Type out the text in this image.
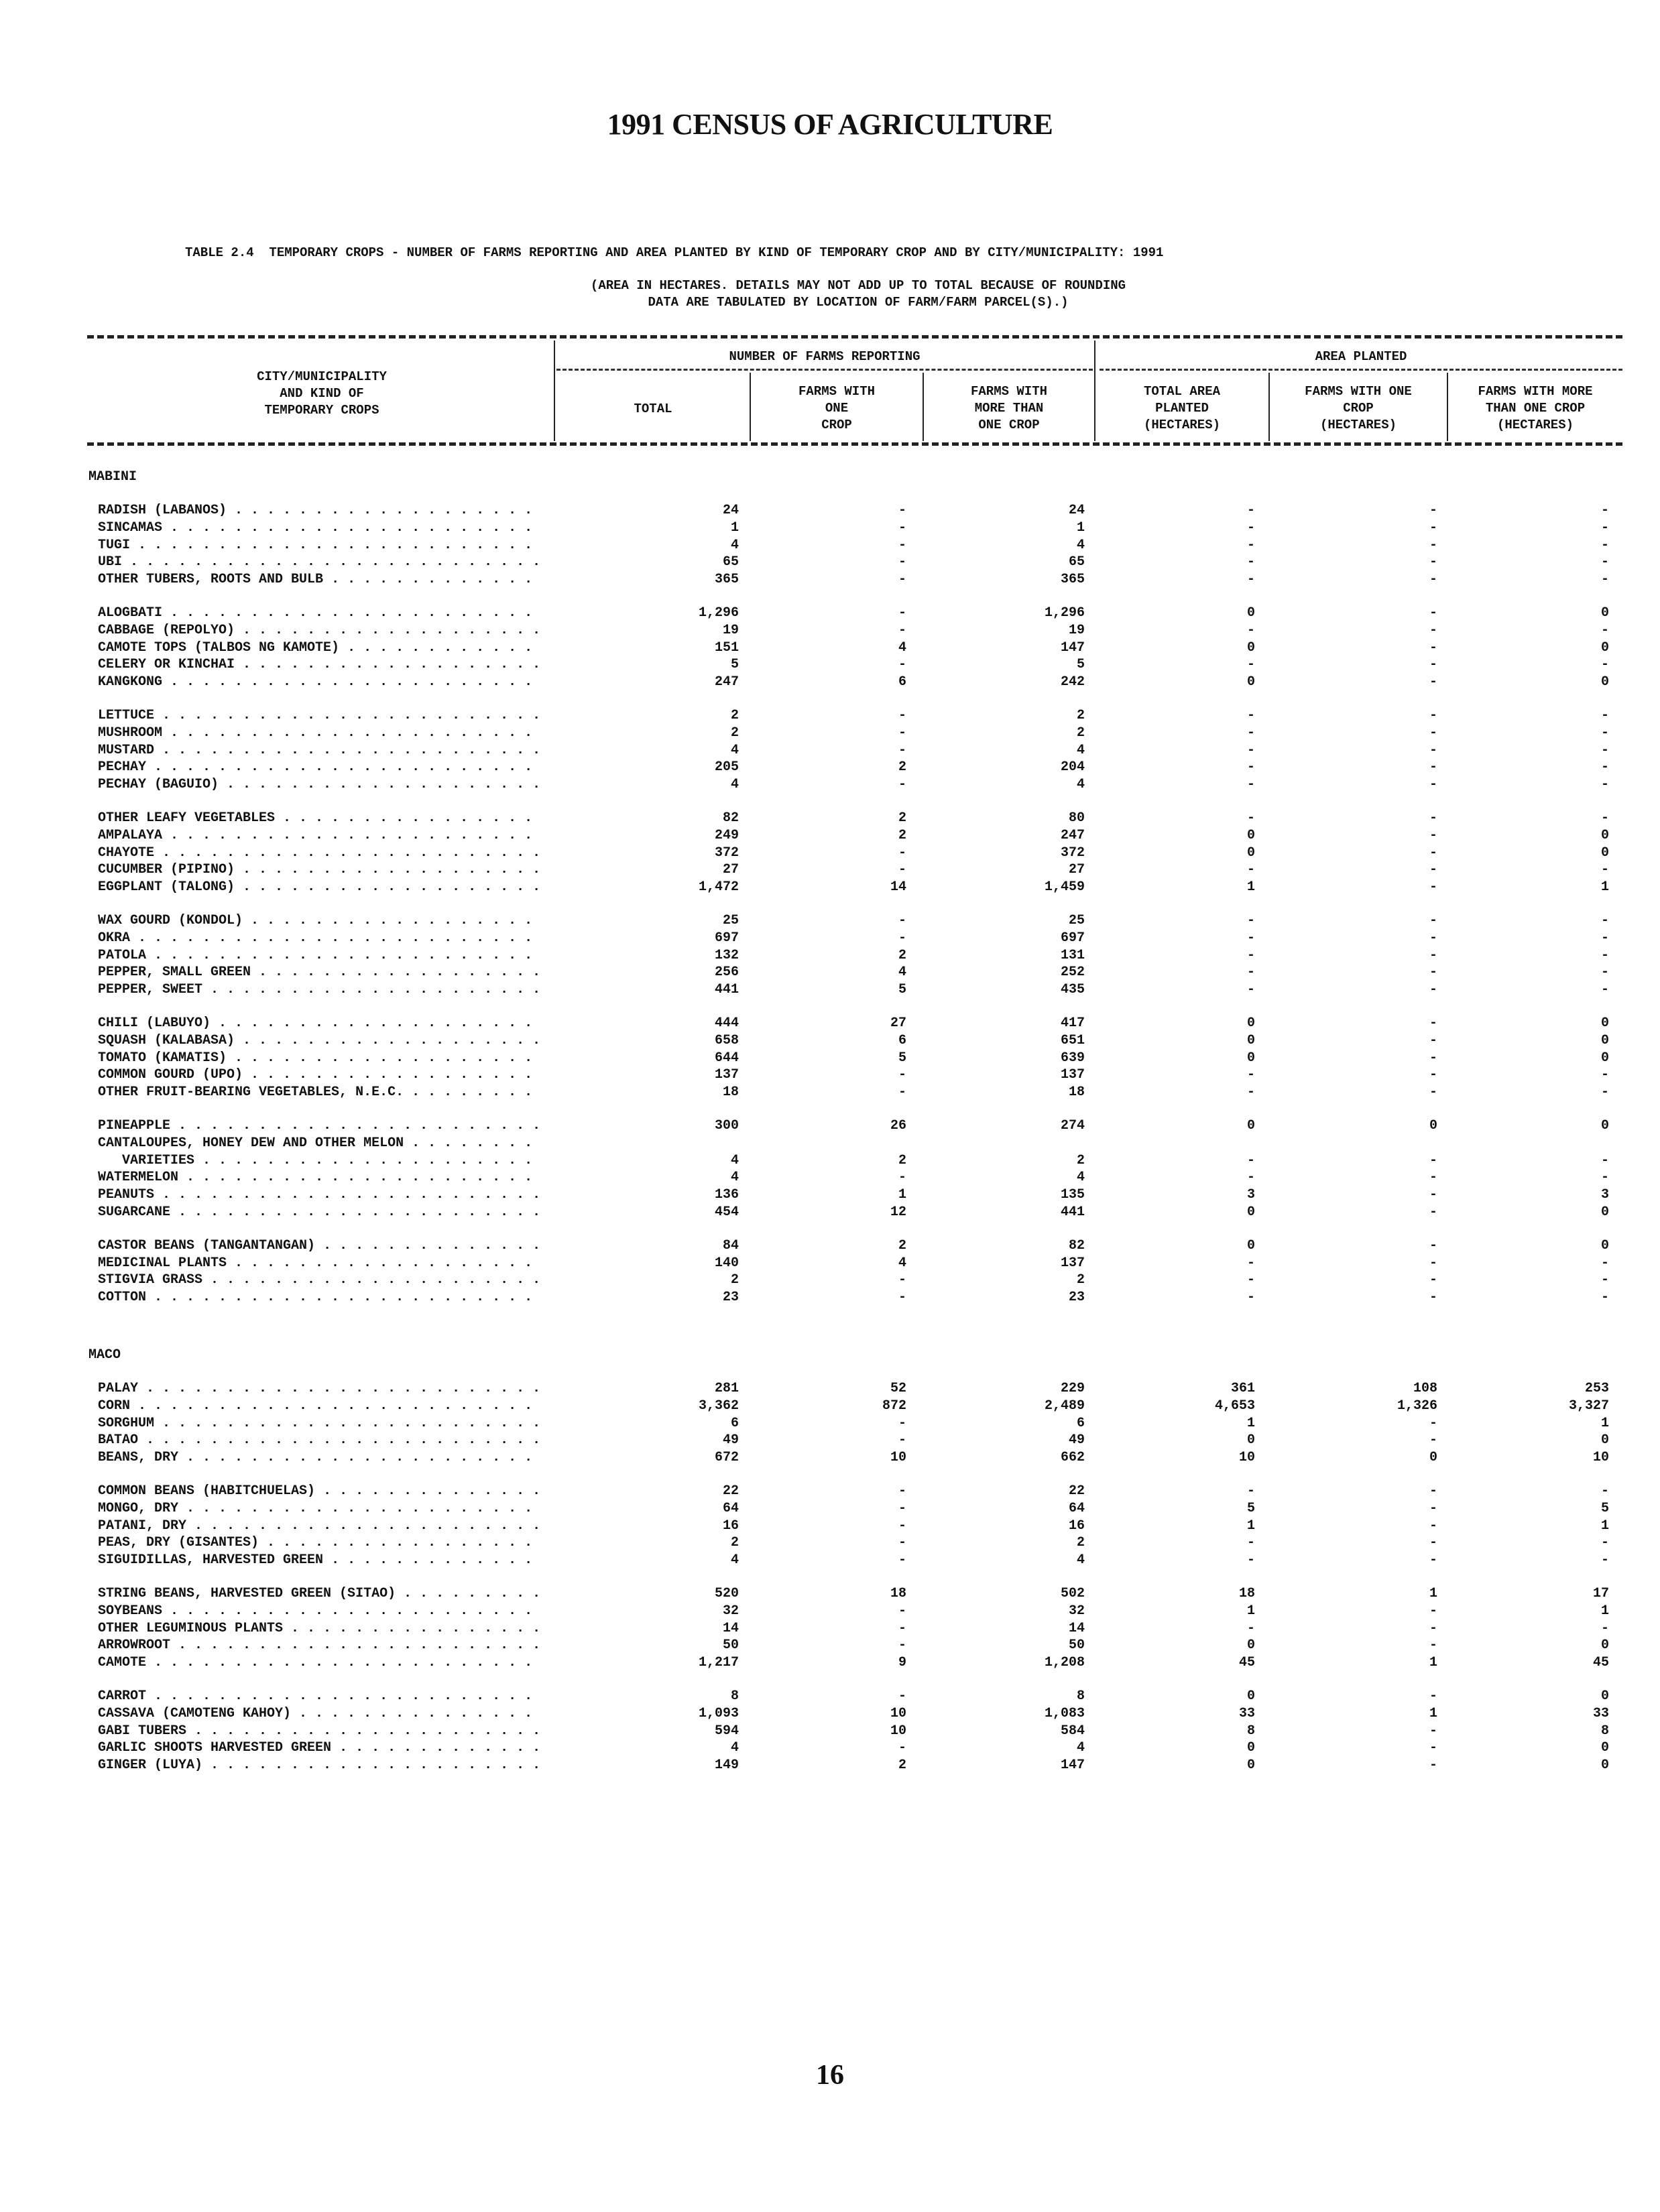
1991 CENSUS OF AGRICULTURE
TABLE 2.4  TEMPORARY CROPS - NUMBER OF FARMS REPORTING AND AREA PLANTED BY KIND OF TEMPORARY CROP AND BY CITY/MUNICIPALITY: 1991
(AREA IN HECTARES. DETAILS MAY NOT ADD UP TO TOTAL BECAUSE OF ROUNDING
DATA ARE TABULATED BY LOCATION OF FARM/FARM PARCEL(S).)
CITY/MUNICIPALITY
AND KIND OF
TEMPORARY CROPS
NUMBER OF FARMS REPORTING	AREA PLANTED
TOTAL
FARMS WITH
ONE
CROP
FARMS WITH
MORE THAN
ONE CROP
TOTAL AREA
PLANTED
(HECTARES)
FARMS WITH ONE
CROP
(HECTARES)
FARMS WITH MORE
THAN ONE CROP
(HECTARES)
MABINI
RADISH (LABANOS) . . .	24	-	24	-	-	-
SINCAMAS . . .	1	-	1	-	-	-
TUGI . . .	4	-	4	-	-	-
UBI . . .	65	-	65	-	-	-
OTHER TUBERS, ROOTS AND BULB . . .	365	-	365	-	-	-
ALOGBATI . . .	1,296	-	1,296	0	-	0
CABBAGE (REPOLYO) . . .	19	-	19	-	-	-
CAMOTE TOPS (TALBOS NG KAMOTE) . . .	151	4	147	0	-	0
CELERY OR KINCHAI . . .	5	-	5	-	-	-
KANGKONG . . .	247	6	242	0	-	0
LETTUCE . . .	2	-	2	-	-	-
MUSHROOM . . .	2	-	2	-	-	-
MUSTARD . . .	4	-	4	-	-	-
PECHAY . . .	205	2	204	-	-	-
PECHAY (BAGUIO) . . .	4	-	4	-	-	-
OTHER LEAFY VEGETABLES . . .	82	2	80	-	-	-
AMPALAYA . . .	249	2	247	0	-	0
CHAYOTE . . .	372	-	372	0	-	0
CUCUMBER (PIPINO) . . .	27	-	27	-	-	-
EGGPLANT (TALONG) . . .	1,472	14	1,459	1	-	1
WAX GOURD (KONDOL) . . .	25	-	25	-	-	-
OKRA . . .	697	-	697	-	-	-
PATOLA . . .	132	2	131	-	-	-
PEPPER, SMALL GREEN . . .	256	4	252	-	-	-
PEPPER, SWEET . . .	441	5	435	-	-	-
CHILI (LABUYO) . . .	444	27	417	0	-	0
SQUASH (KALABASA) . . .	658	6	651	0	-	0
TOMATO (KAMATIS) . . .	644	5	639	0	-	0
COMMON GOURD (UPO) . . .	137	-	137	-	-	-
OTHER FRUIT-BEARING VEGETABLES, N.E.C. . . .	18	-	18	-	-	-
PINEAPPLE . . .	300	26	274	0	0	0
CANTALOUPES, HONEY DEW AND OTHER MELON . . .
VARIETIES . . .	4	2	2	-	-	-
WATERMELON . . .	4	-	4	-	-	-
PEANUTS . . .	136	1	135	3	-	3
SUGARCANE . . .	454	12	441	0	-	0
CASTOR BEANS (TANGANTANGAN) . . .	84	2	82	0	-	0
MEDICINAL PLANTS . . .	140	4	137	-	-	-
STIGVIA GRASS . . .	2	-	2	-	-	-
COTTON . . .	23	-	23	-	-	-
MACO
PALAY . . .	281	52	229	361	108	253
CORN . . .	3,362	872	2,489	4,653	1,326	3,327
SORGHUM . . .	6	-	6	1	-	1
BATAO . . .	49	-	49	0	-	0
BEANS, DRY . . .	672	10	662	10	0	10
COMMON BEANS (HABITCHUELAS) . . .	22	-	22	-	-	-
MONGO, DRY . . .	64	-	64	5	-	5
PATANI, DRY . . .	16	-	16	1	-	1
PEAS, DRY (GISANTES) . . .	2	-	2	-	-	-
SIGUIDILLAS, HARVESTED GREEN . . .	4	-	4	-	-	-
STRING BEANS, HARVESTED GREEN (SITAO) . . .	520	18	502	18	1	17
SOYBEANS . . .	32	-	32	1	-	1
OTHER LEGUMINOUS PLANTS . . .	14	-	14	-	-	-
ARROWROOT . . .	50	-	50	0	-	0
CAMOTE . . .	1,217	9	1,208	45	1	45
CARROT . . .	8	-	8	0	-	0
CASSAVA (CAMOTENG KAHOY) . . .	1,093	10	1,083	33	1	33
GABI TUBERS . . .	594	10	584	8	-	8
GARLIC SHOOTS HARVESTED GREEN . . .	4	-	4	0	-	0
GINGER (LUYA) . . .	149	2	147	0	-	0
16
